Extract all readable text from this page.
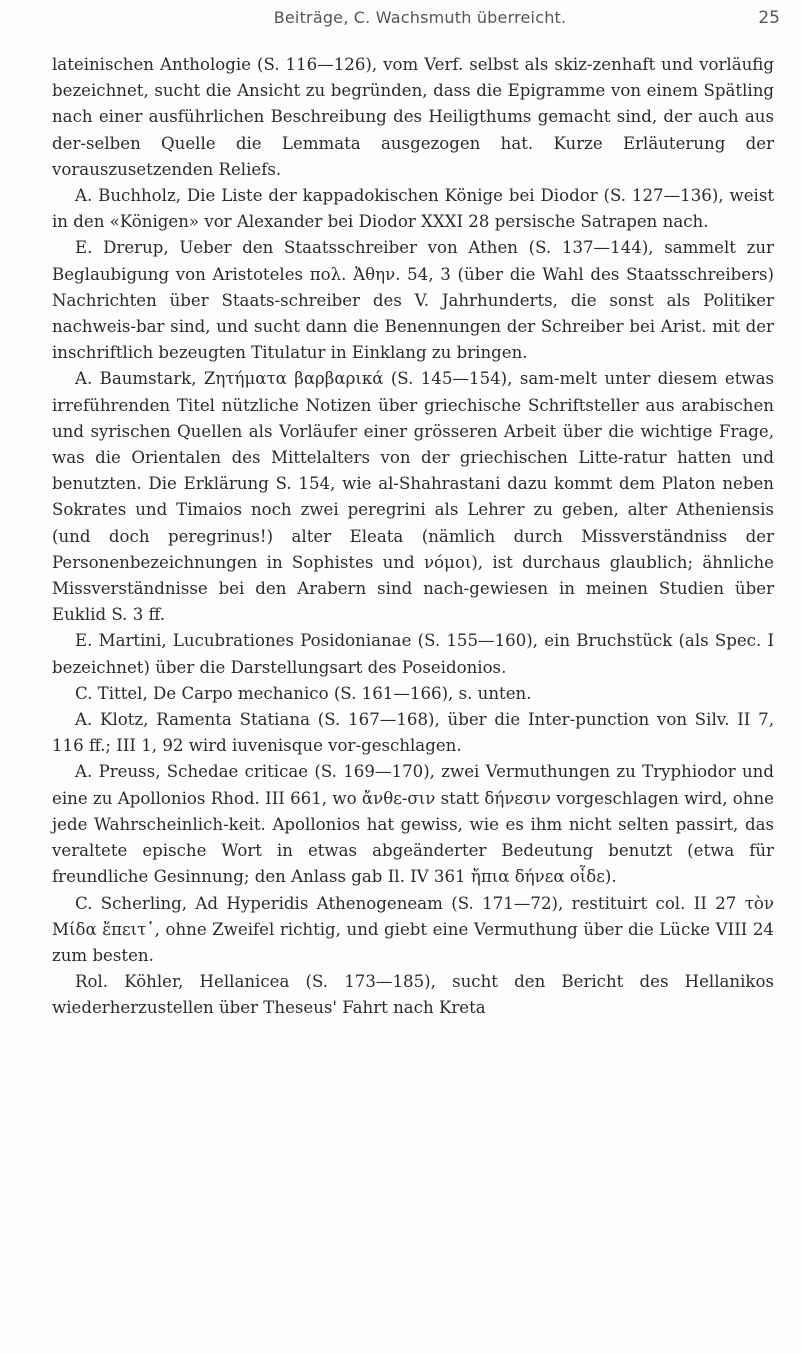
Beiträge, C. Wachsmuth überreicht.	25

lateinischen Anthologie (S. 116—126), vom Verf. selbst als skiz-zenhaft und vorläufig bezeichnet, sucht die Ansicht zu begründen, dass die Epigramme von einem Spätling nach einer ausführlichen Beschreibung des Heiligthums gemacht sind, der auch aus der-selben Quelle die Lemmata ausgezogen hat. Kurze Erläuterung der vorauszusetzenden Reliefs.

A. Buchholz, Die Liste der kappadokischen Könige bei Diodor (S. 127—136), weist in den «Königen» vor Alexander bei Diodor XXXI 28 persische Satrapen nach.

E. Drerup, Ueber den Staatsschreiber von Athen (S. 137—144), sammelt zur Beglaubigung von Aristoteles πολ. Ἀθην. 54, 3 (über die Wahl des Staatsschreibers) Nachrichten über Staats-schreiber des V. Jahrhunderts, die sonst als Politiker nachweis-bar sind, und sucht dann die Benennungen der Schreiber bei Arist. mit der inschriftlich bezeugten Titulatur in Einklang zu bringen.

A. Baumstark, Ζητήματα βαρβαρικά (S. 145—154), sam-melt unter diesem etwas irreführenden Titel nützliche Notizen über griechische Schriftsteller aus arabischen und syrischen Quellen als Vorläufer einer grösseren Arbeit über die wichtige Frage, was die Orientalen des Mittelalters von der griechischen Litte-ratur hatten und benutzten. Die Erklärung S. 154, wie al-Shahrastani dazu kommt dem Platon neben Sokrates und Timaios noch zwei peregrini als Lehrer zu geben, alter Atheniensis (und doch peregrinus!) alter Eleata (nämlich durch Missverständniss der Personenbezeichnungen in Sophistes und νόμοι), ist durchaus glaublich; ähnliche Missverständnisse bei den Arabern sind nach-gewiesen in meinen Studien über Euklid S. 3 ff.

E. Martini, Lucubrationes Posidonianae (S. 155—160), ein Bruchstück (als Spec. I bezeichnet) über die Darstellungsart des Poseidonios.

C. Tittel, De Carpo mechanico (S. 161—166), s. unten.

A. Klotz, Ramenta Statiana (S. 167—168), über die Inter-punction von Silv. II 7, 116 ff.; III 1, 92 wird iuvenisque vor-geschlagen.

A. Preuss, Schedae criticae (S. 169—170), zwei Vermuthungen zu Tryphiodor und eine zu Apollonios Rhod. III 661, wo ἄνθε-σιν statt δήνεσιν vorgeschlagen wird, ohne jede Wahrscheinlich-keit. Apollonios hat gewiss, wie es ihm nicht selten passirt, das veraltete epische Wort in etwas abgeänderter Bedeutung benutzt (etwa für freundliche Gesinnung; den Anlass gab Il. IV 361 ἤπια δήνεα οἶδε).

C. Scherling, Ad Hyperidis Athenogeneam (S. 171—72), restituirt col. II 27 τὸν Μίδα ἔπειτ᾽, ohne Zweifel richtig, und giebt eine Vermuthung über die Lücke VIII 24 zum besten.

Rol. Köhler, Hellanicea (S. 173—185), sucht den Bericht des Hellanikos wiederherzustellen über Theseus' Fahrt nach Kreta
